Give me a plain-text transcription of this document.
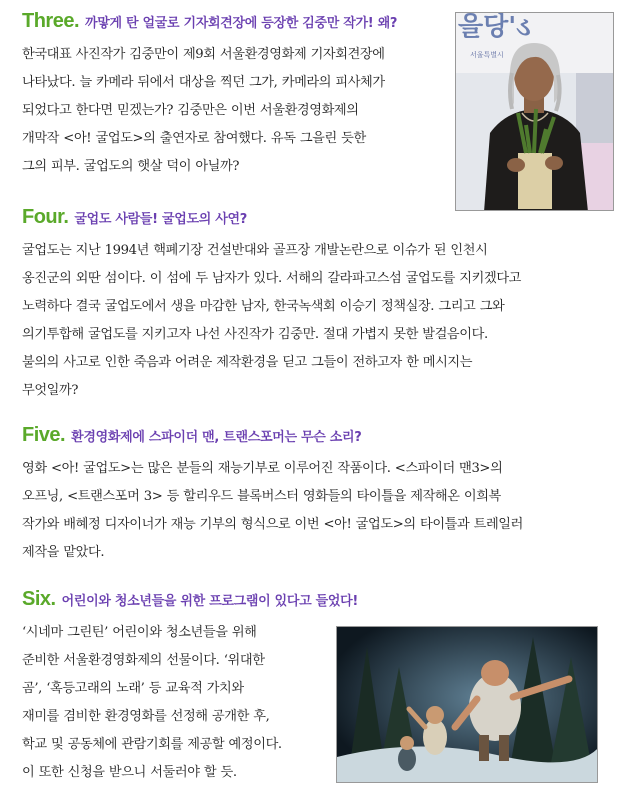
Three. 까맣게 탄 얼굴로 기자회견장에 등장한 김중만 작가! 왜?
한국대표 사진작가 김중만이 제9회 서울환경영화제 기자회견장에
나타났다. 늘 카메라 뒤에서 대상을 찍던 그가, 카메라의 피사체가
되었다고 한다면 믿겠는가? 김중만은 이번 서울환경영화제의
개막작 <아! 굴업도>의 출연자로 참여했다. 유독 그을린 듯한
그의 피부. 굴업도의 햇살 덕이 아닐까?
을당'ડ
서울특별시
Four. 굴업도 사람들! 굴업도의 사연?
굴업도는 지난 1994년 핵폐기장 건설반대와 골프장 개발논란으로 이슈가 된 인천시
옹진군의 외딴 섬이다. 이 섬에 두 남자가 있다. 서해의 갈라파고스섬 굴업도를 지키겠다고
노력하다 결국 굴업도에서 생을 마감한 남자, 한국녹색회 이승기 정책실장. 그리고 그와
의기투합해 굴업도를 지키고자 나선 사진작가 김중만. 절대 가볍지 못한 발걸음이다.
불의의 사고로 인한 죽음과 어려운 제작환경을 딛고 그들이 전하고자 한 메시지는
무엇일까?
Five. 환경영화제에 스파이더 맨, 트랜스포머는 무슨 소리?
영화 <아! 굴업도>는 많은 분들의 재능기부로 이루어진 작품이다. <스파이더 맨3>의
오프닝, <트랜스포머 3> 등 할리우드 블록버스터 영화들의 타이틀을 제작해온 이희복
작가와 배혜정 디자이너가 재능 기부의 형식으로 이번 <아! 굴업도>의 타이틀과 트레일러
제작을 맡았다.
Six. 어린이와 청소년들을 위한 프로그램이 있다고 들었다!
‘시네마 그린틴’ 어린이와 청소년들을 위해
준비한 서울환경영화제의 선물이다. ‘위대한
곰’, ‘혹등고래의 노래’ 등 교육적 가치와
재미를 겸비한 환경영화를 선정해 공개한 후,
학교 및 공동체에 관람기회를 제공할 예정이다.
이 또한 신청을 받으니 서둘러야 할 듯.
